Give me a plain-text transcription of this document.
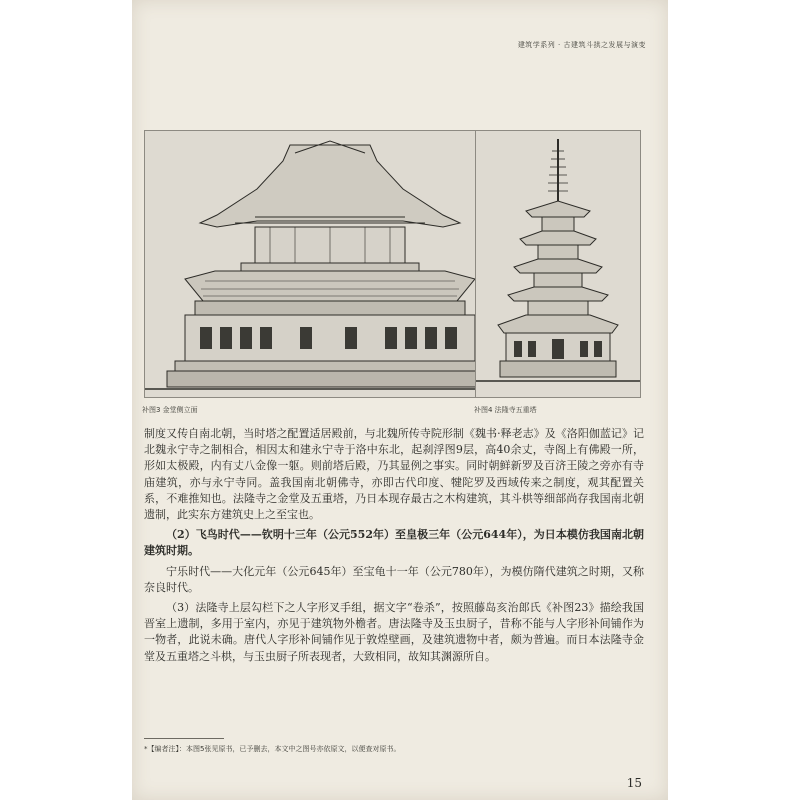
建筑学系列 · 古建筑斗拱之发展与演变
补图3 金堂侧立面	补图4 法隆寺五重塔

制度又传自南北朝，当时塔之配置适居殿前，与北魏所传寺院形制《魏书·释老志》及《洛阳伽蓝记》记北魏永宁寺之制相合，相因太和建永宁寺于洛中东北，起刹浮图9层，高40余丈，寺阁上有佛殿一所，形如太极殿，内有丈八金像一躯。则前塔后殿，乃其显例之事实。同时朝鲜新罗及百济王陵之旁亦有寺庙建筑，亦与永宁寺同。盖我国南北朝佛寺，亦即古代印度、犍陀罗及西域传来之制度，观其配置关系，不难推知也。法隆寺之金堂及五重塔，乃日本现存最古之木构建筑，其斗栱等细部尚存我国南北朝遗制，此实东方建筑史上之至宝也。

（2）飞鸟时代——钦明十三年（公元552年）至皇极三年（公元644年），为日本模仿我国南北朝建筑时期。

宁乐时代——大化元年（公元645年）至宝龟十一年（公元780年），为模仿隋代建筑之时期，又称奈良时代。

（3）法隆寺上层勾栏下之人字形叉手组，据文字“卷杀”，按照藤岛亥治郎氏《补图23》描绘我国晋室上遗制，多用于室内，亦见于建筑物外檐者。唐法隆寺及玉虫厨子，昔称不能与人字形补间铺作为一物者，此说未确。唐代人字形补间铺作见于敦煌壁画，及建筑遗物中者，颇为普遍。而日本法隆寺金堂及五重塔之斗栱，与玉虫厨子所表现者，大致相同，故知其渊源所自。

*【编者注】：本图5张见原书，已予删去，本文中之图号亦依原文，以便查对原书。
15
